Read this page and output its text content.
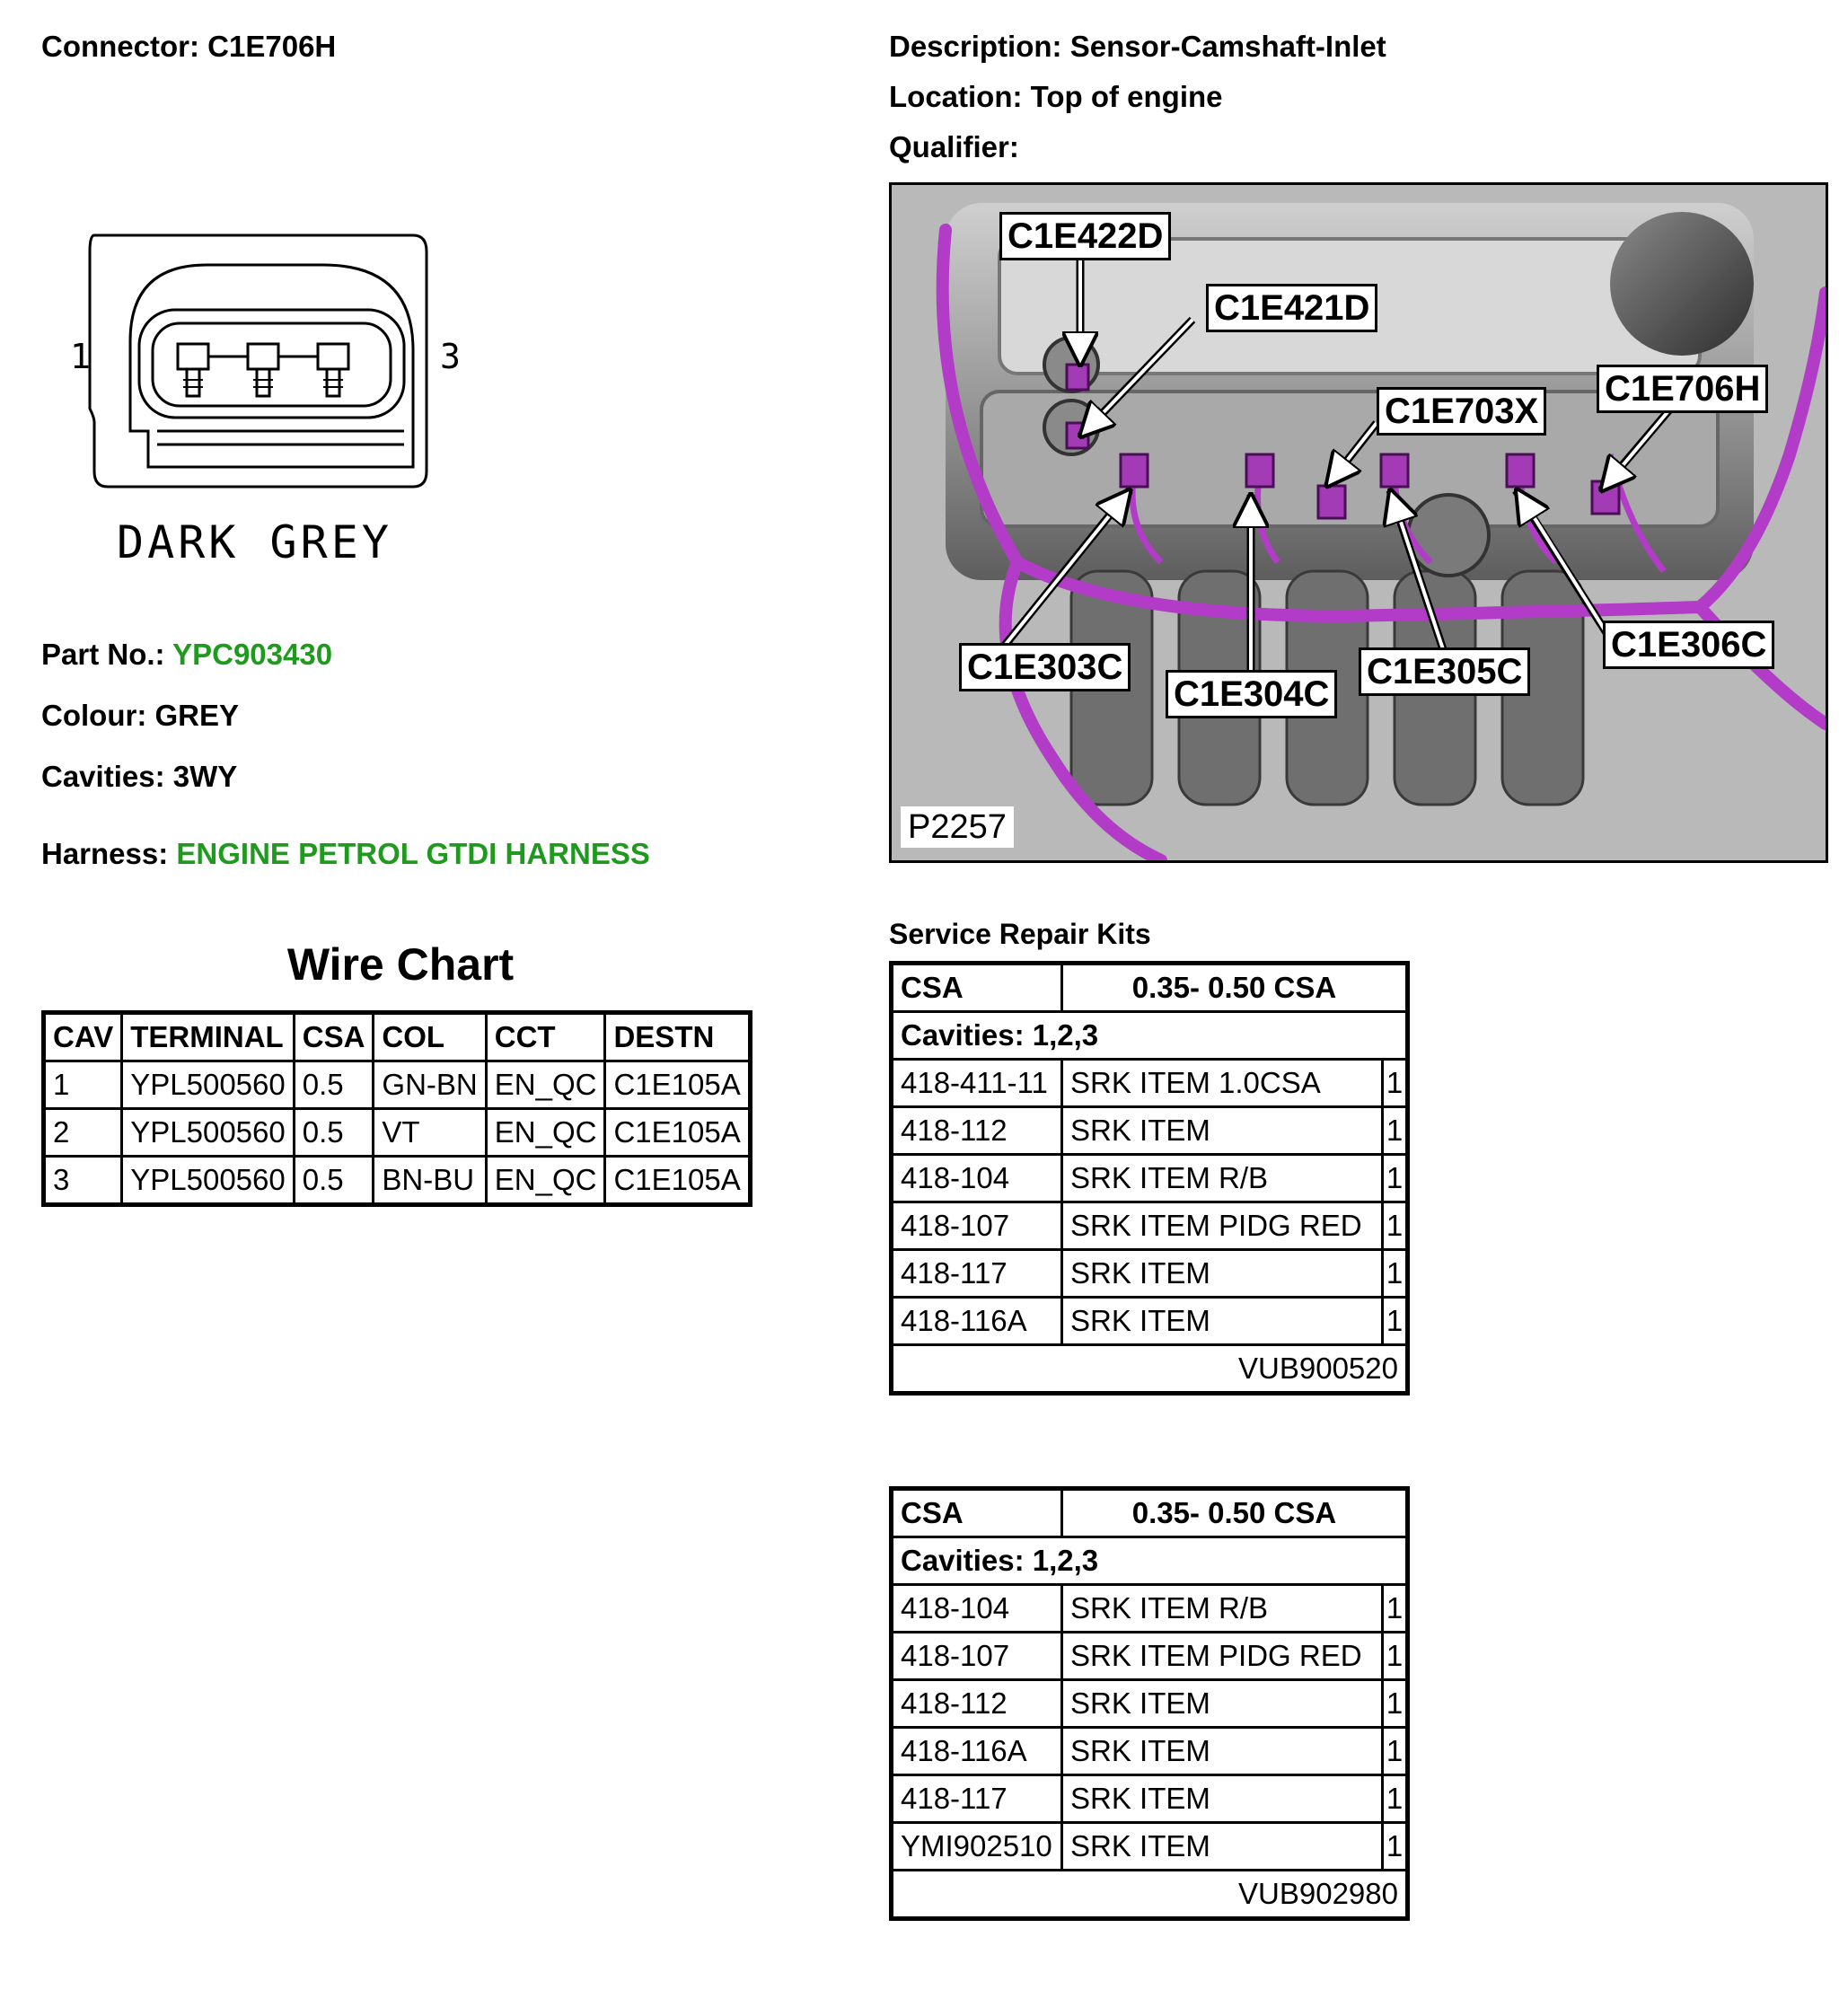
Connector: C1E706H	Description: Sensor-Camshaft-Inlet
Location: Top of engine
Qualifier:
1	3
DARK GREY
Part No.: YPC903430
Colour: GREY
Cavities: 3WY
Harness: ENGINE PETROL GTDI HARNESS
Wire Chart
CAV	TERMINAL	CSA	COL	CCT	DESTN
1	YPL500560	0.5	GN-BN	EN_QC	C1E105A
2	YPL500560	0.5	VT	EN_QC	C1E105A
3	YPL500560	0.5	BN-BU	EN_QC	C1E105A
C1E422D
C1E421D
C1E703X
C1E706H
C1E303C
C1E304C
C1E305C
C1E306C
P2257
Service Repair Kits
CSA	0.35- 0.50 CSA	
Cavities: 1,2,3		
418-411-11	SRK ITEM 1.0CSA	1
418-112	SRK ITEM	1
418-104	SRK ITEM R/B	1
418-107	SRK ITEM PIDG RED	1
418-117	SRK ITEM	1
418-116A	SRK ITEM	1
VUB900520		
CSA	0.35- 0.50 CSA	
Cavities: 1,2,3		
418-104	SRK ITEM R/B	1
418-107	SRK ITEM PIDG RED	1
418-112	SRK ITEM	1
418-116A	SRK ITEM	1
418-117	SRK ITEM	1
YMI902510	SRK ITEM	1
VUB902980		
